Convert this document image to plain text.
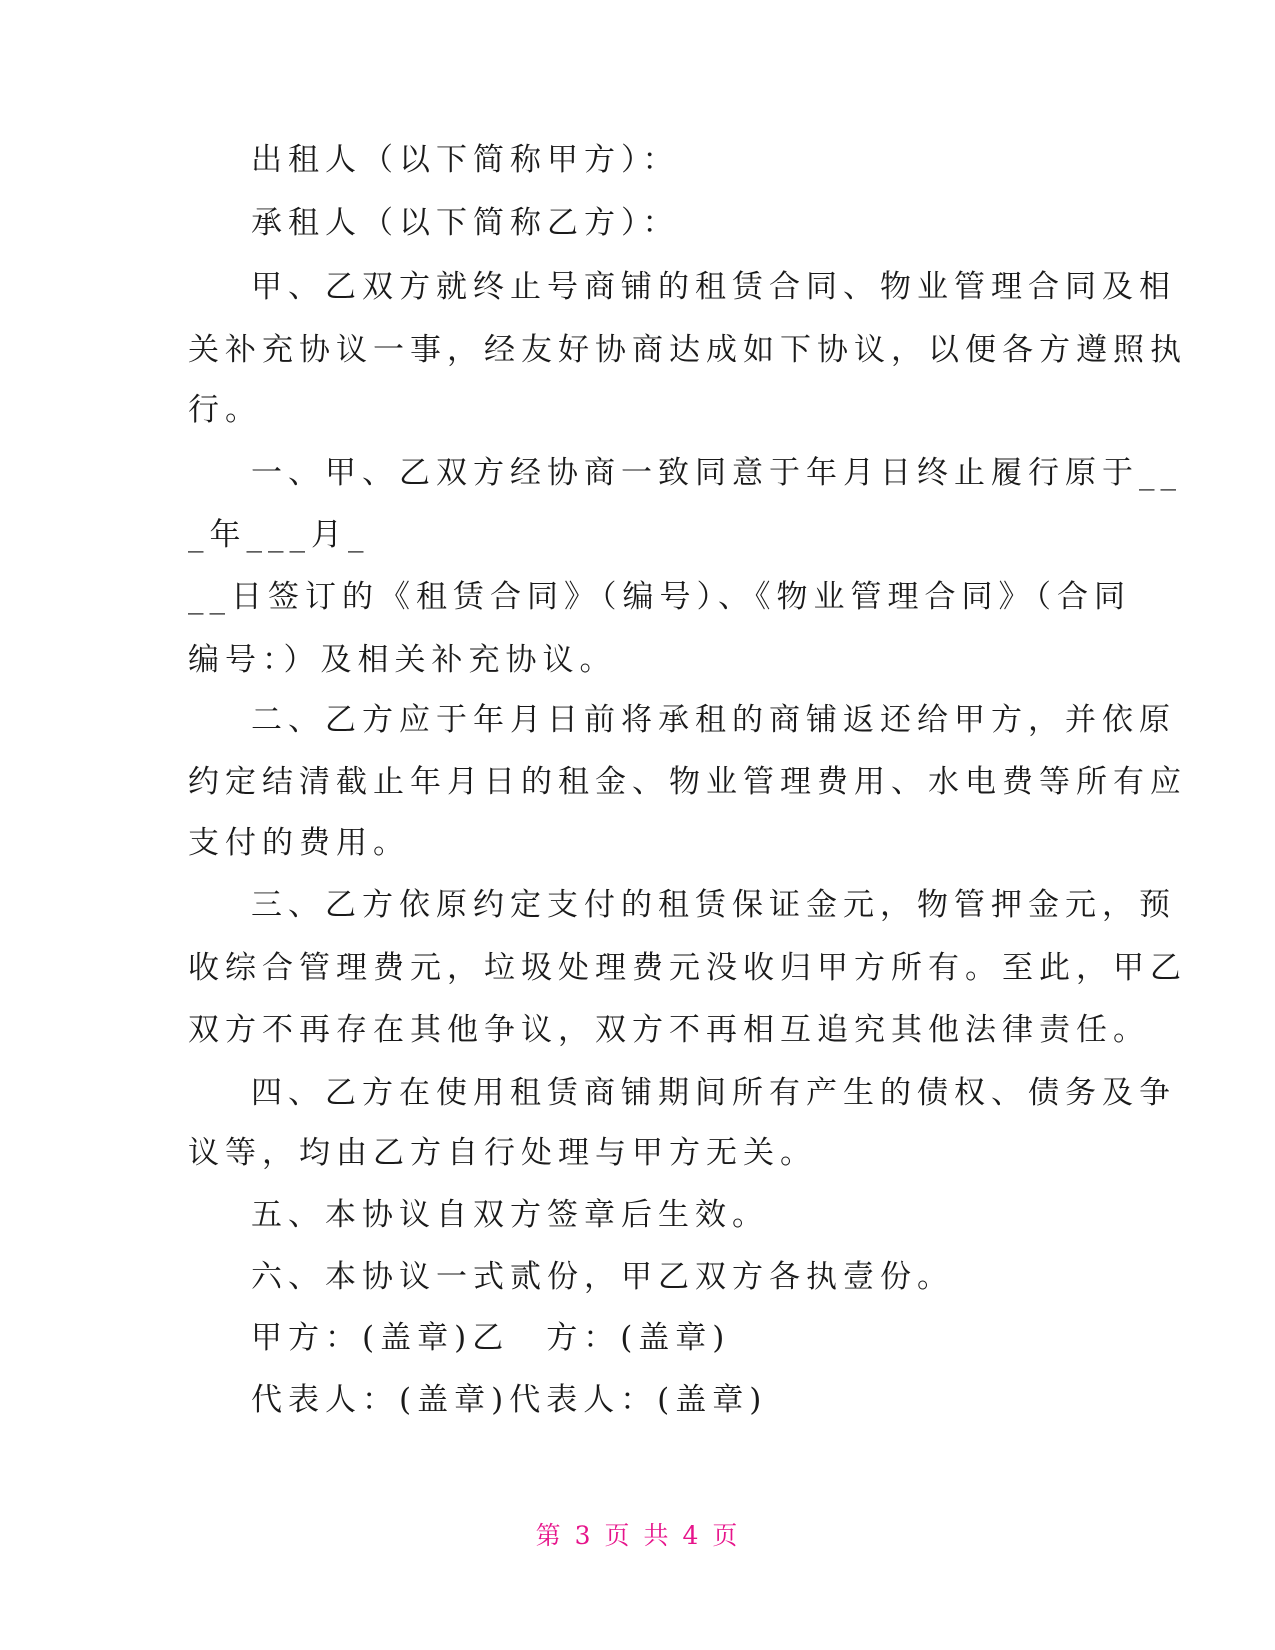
出租人（以下简称甲方）：
承租人（以下简称乙方）：
甲、乙双方就终止号商铺的租赁合同、物业管理合同及相
关补充协议一事，经友好协商达成如下协议，以便各方遵照执
行。
一、甲、乙双方经协商一致同意于年月日终止履行原于__
_年___月_
__日签订的《租赁合同》（编号）、《物业管理合同》（合同
编号：）及相关补充协议。
二、乙方应于年月日前将承租的商铺返还给甲方，并依原
约定结清截止年月日的租金、物业管理费用、水电费等所有应
支付的费用。
三、乙方依原约定支付的租赁保证金元，物管押金元，预
收综合管理费元，垃圾处理费元没收归甲方所有。至此，甲乙
双方不再存在其他争议，双方不再相互追究其他法律责任。
四、乙方在使用租赁商铺期间所有产生的债权、债务及争
议等，均由乙方自行处理与甲方无关。
五、本协议自双方签章后生效。
六、本协议一式贰份，甲乙双方各执壹份。
甲方：(盖章)乙　方：(盖章)
代表人：(盖章)代表人：(盖章)
第 3 页 共 4 页
